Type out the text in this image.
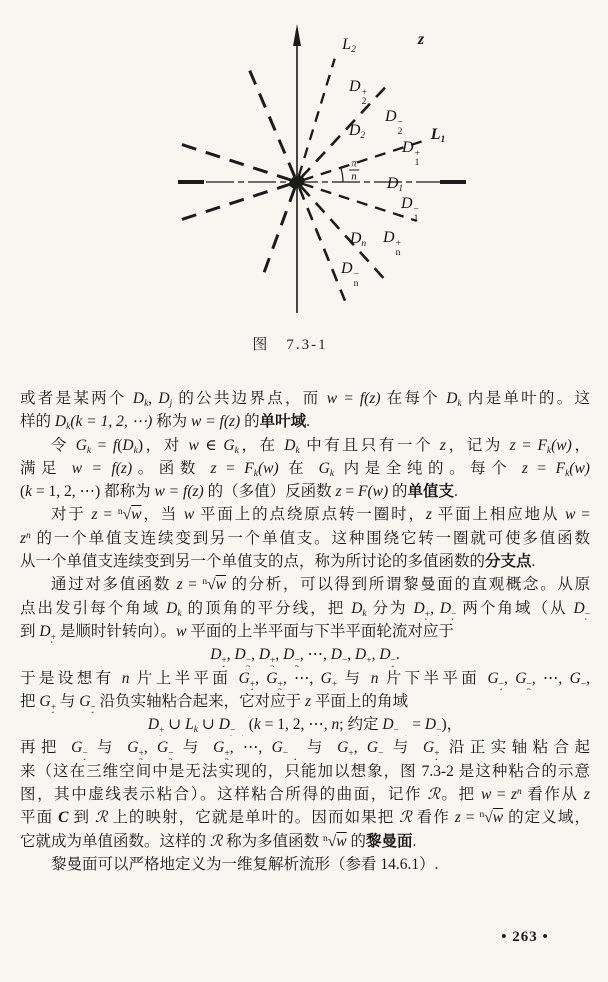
$L_2$
z
D +
2
D −
2
$D_2$	$L_1$
D +
1
$D_1$
D −
1
$D_n$ D +
n
D −
n
$\frac{\pi}{n}$
图　7.3-1
或者是某两个 $D_k$, $D_j$ 的公共边界点，而 w = f(z) 在每个 $D_k$ 内是单叶的。这
样的 $D_k(k = 1$, 2, ⋯) 称为 w = f(z) 的单叶域.
令 $G_k = f(D_k)$，对 w ∈ $G_k$，在 $D_k$ 中有且只有一个 z，记为 $z = F_k(w)$，
满足 w = f(z)。函数 $z = F_k(w)$ 在 $G_k$ 内是全纯的。每个 $z = F_k(w)$
(k = 1, 2, ⋯) 都称为 w = f(z) 的（多值）反函数 z = F(w) 的单值支.
对于 z = $^n$√w，当 w 平面上的点绕原点转一圈时，z 平面上相应地从 w =
$z^n$ 的一个单值支连续变到另一个单值支。这种围绕它转一圈就可使多值函数
从一个单值支连续变到另一个单值支的点，称为所讨论的多值函数的分支点.
通过对多值函数 z = $^n$√w 的分析，可以得到所谓黎曼面的直观概念。从原
点出发引每个角域 $D_k$ 的顶角的平分线，把 $D_k$ 分为 D + , D − 两个角域（从 D −
到 D + 是顺时针转向）。w 平面的上半平面与下半平面轮流对应于
D + , D − , D + , D − , ⋯, D − , D + , D − .
于是设想有 n 片上半平面 G + , G + , ⋯, G + 与 n 片下半平面 G − , G − , ⋯, G − ,
把 G + 与 G − 沿负实轴粘合起来，它对应于 z 平面上的角域
D + ∪ $L_k$ ∪ D − (k = 1, 2, ⋯, n; 约定 D − = D − )，
再把 G − 与 G + , G − 与 G + , ⋯, G − 与 G + , G − 与 G + 沿正实轴粘合起
来（这在三维空间中是无法实现的，只能加以想象，图 7.3-2 是这种粘合的示意
图，其中虚线表示粘合）。这样粘合所得的曲面，记作 ℛ。把 $w = z^n$ 看作从 z
平面 C 到 ℛ 上的映射，它就是单叶的。因而如果把 ℛ 看作 z = $^n$√w 的定义域，
它就成为单值函数。这样的 ℛ 称为多值函数 $^n$√w 的黎曼面.
黎曼面可以严格地定义为一维复解析流形（参看 14.6.1）.
• 263 •
